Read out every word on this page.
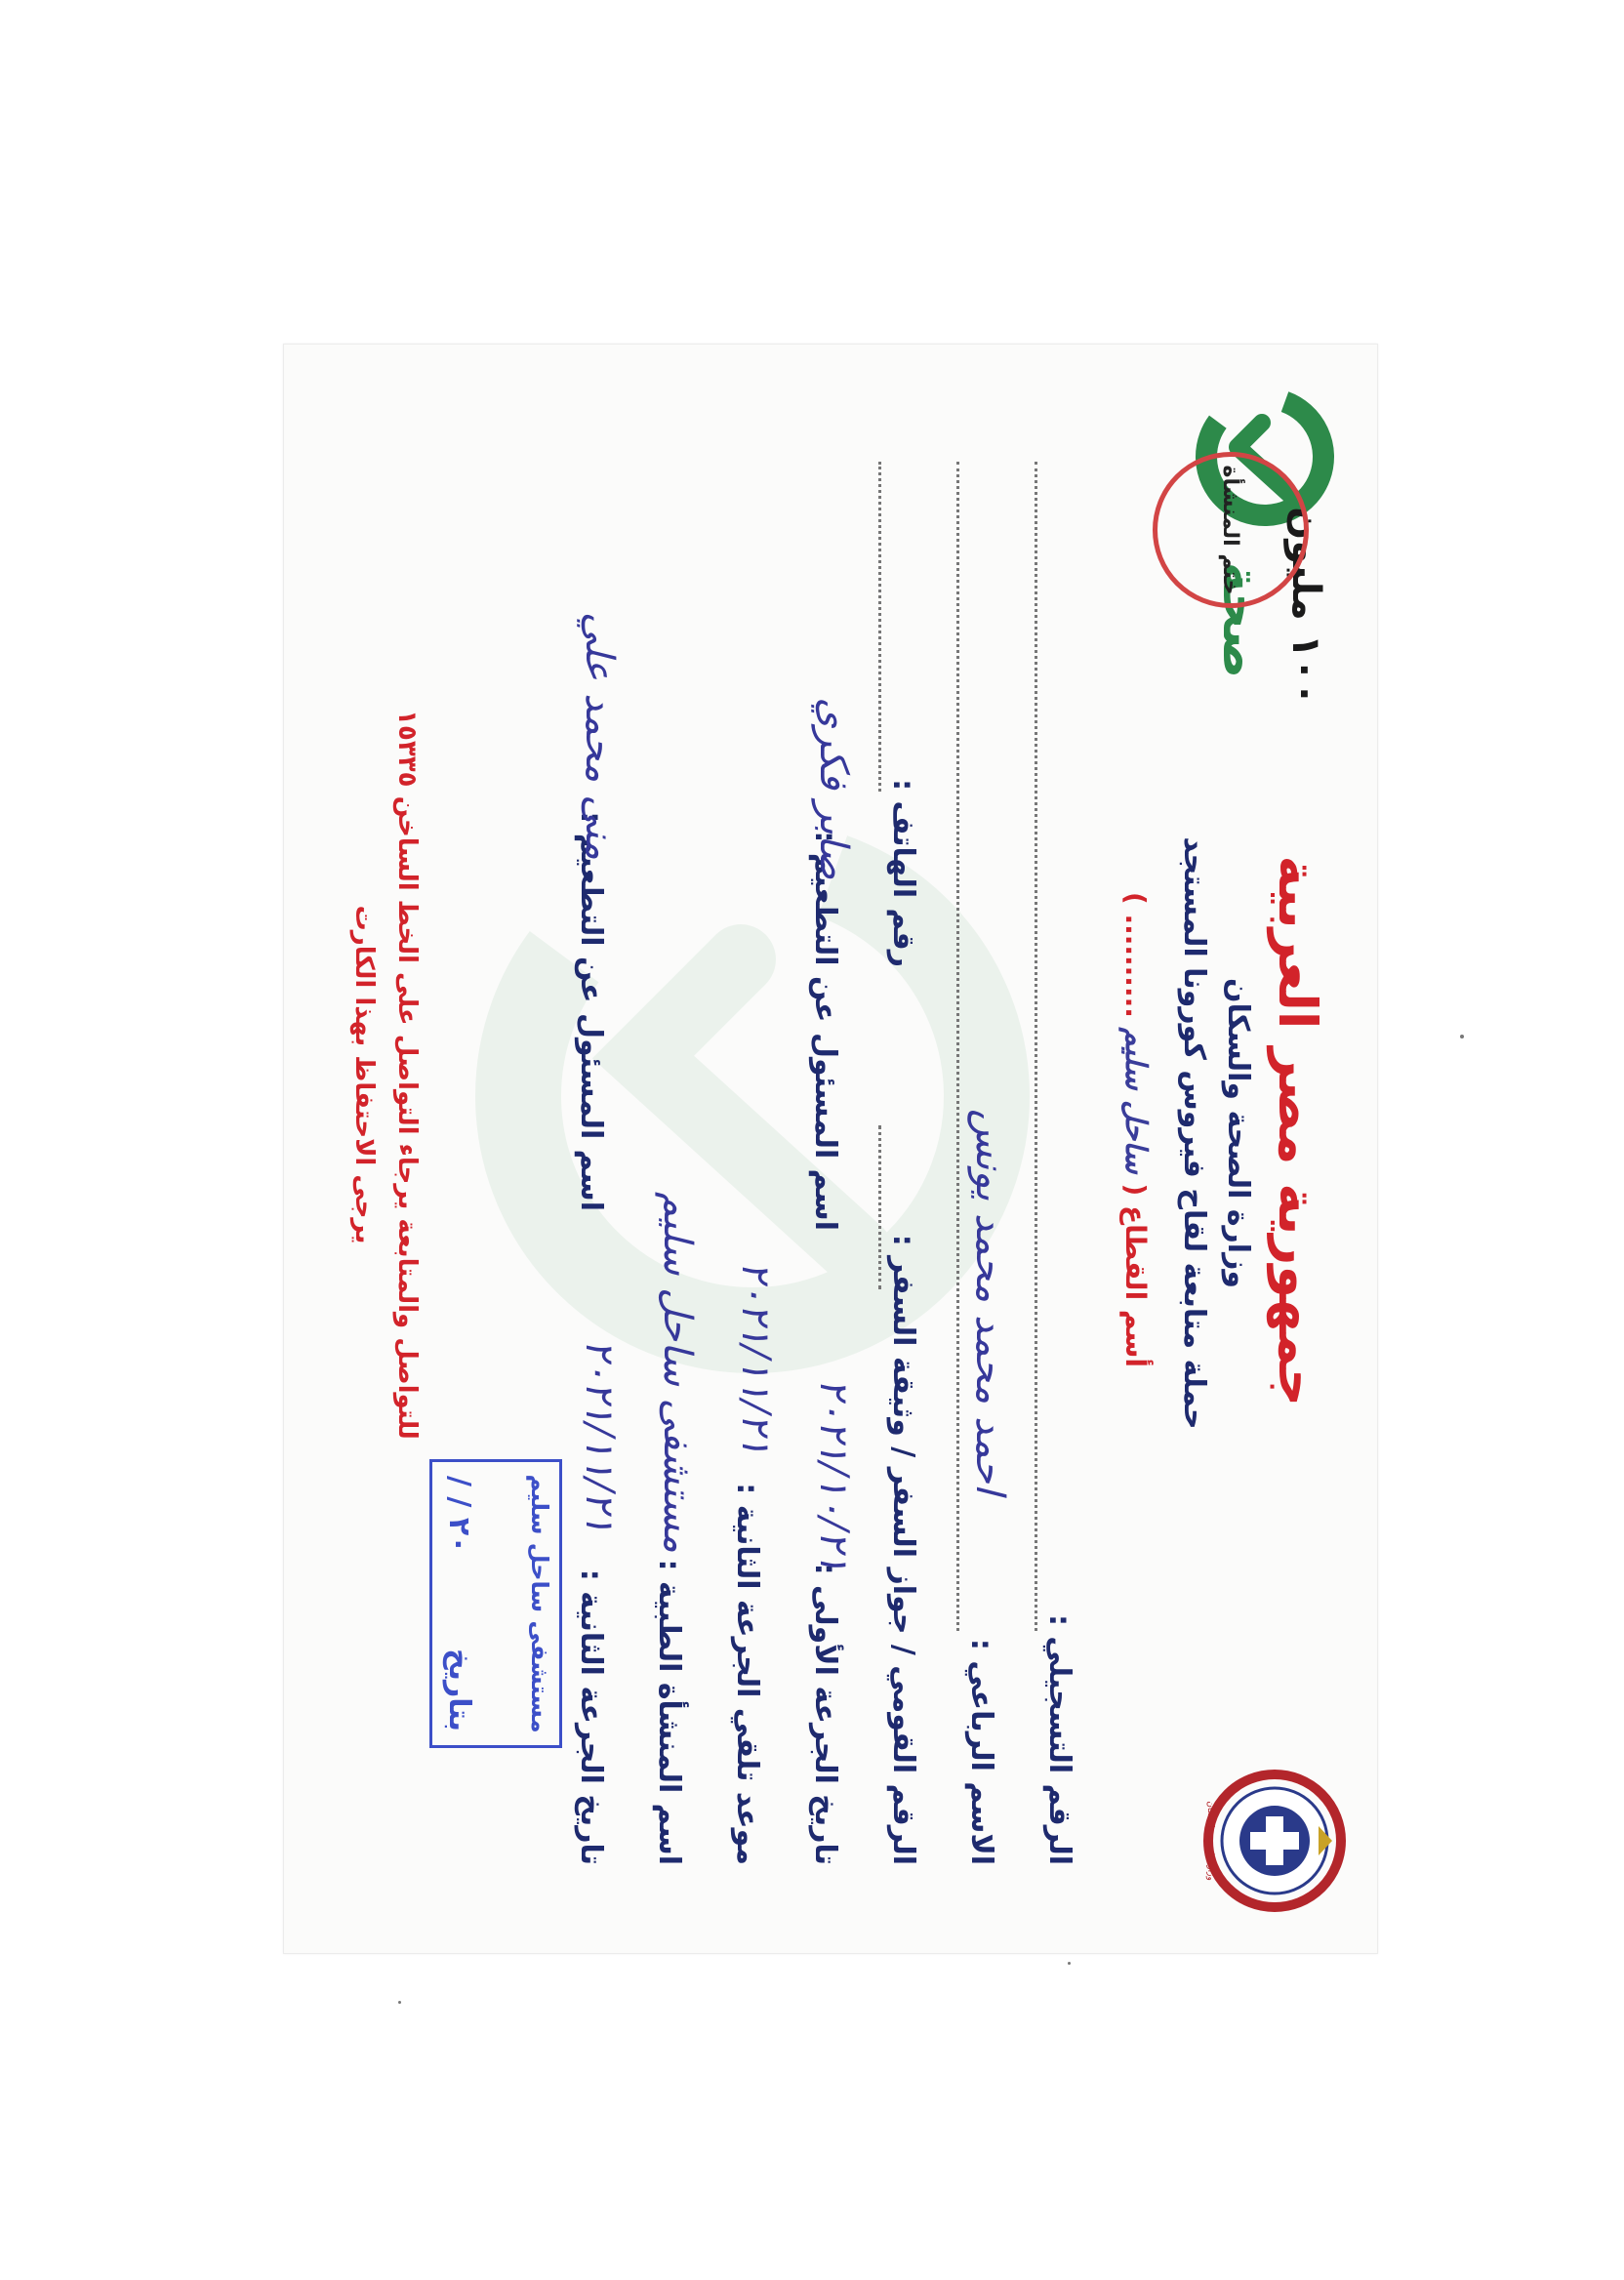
وزارة الصحة والسكان
١٠٠ مليون
صحة
جمهورية مصر العربية
وزارة الصحة والسكان
حملة متابعة لقاح فيروس كورونا المستجد
أسم القطاع ( ساحل سليم .......... )
ختم المنشأة
الرقم التسجيلي :
الاسم الرباعي :
احمد محمد محمد يونس
الرقم القومي / جواز السفر / وثيقة السفر :
رقم الهاتف :
تاريخ الجرعة الأولى :
٢٠٢١/١٠/٢١
اسم المسئول عن التطعيم :
صابر فكري
موعد تلقي الجرعة الثانية :
٢٠٢١/١١/٢١
اسم المنشأة الطبية :
مستشفى ساحل سليم
تاريخ الجرعة الثانية :
٢٠٢١/١١/٢١
اسم المسئول عن التطعيم :
منى محمد علي
مستشفى ساحل سليم
بتاريخ
٢٠ / /
للتواصل والمتابعة يرجاء التواصل على الخط الساخن ١٥٣٣٥
يرجى الاحتفاظ بهذا الكارت
